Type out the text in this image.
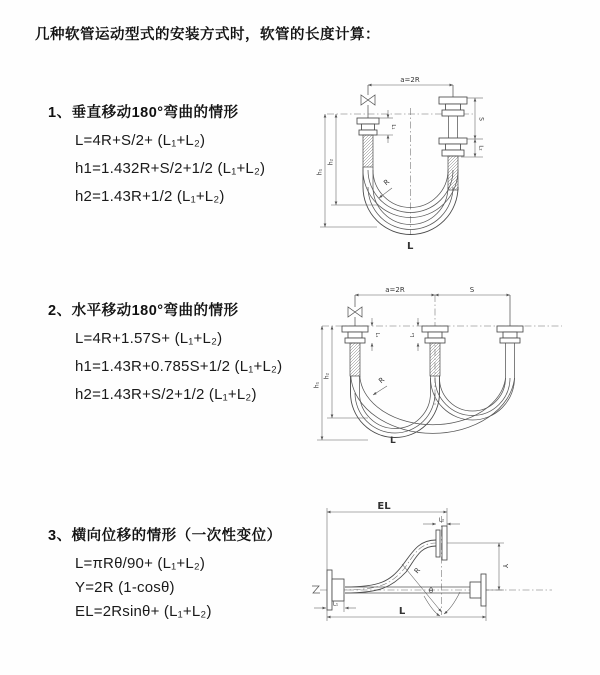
几种软管运动型式的安装方式时，软管的长度计算：
1、垂直移动180°弯曲的情形

L=4R+S/2+ (L₁+L₂)

h1=1.432R+S/2+1/2 (L₁+L₂)

h2=1.43R+1/2 (L₁+L₂)

a=2R
L₁
S
L₂
h₁
h₂
R
L
2、水平移动180°弯曲的情形

L=4R+1.57S+ (L₁+L₂)

h1=1.43R+0.785S+1/2 (L₁+L₂)

h2=1.43R+S/2+1/2 (L₁+L₂)

a=2R	S
L₁	L₂
h₁
h₂	R
L
3、横向位移的情形（一次性变位）

L=πRθ/90+ (L₁+L₂)

Y=2R (1-cosθ)

EL=2Rsinθ+ (L₁+L₂)

EL
L₂
Y
R
θ
L₁
L
